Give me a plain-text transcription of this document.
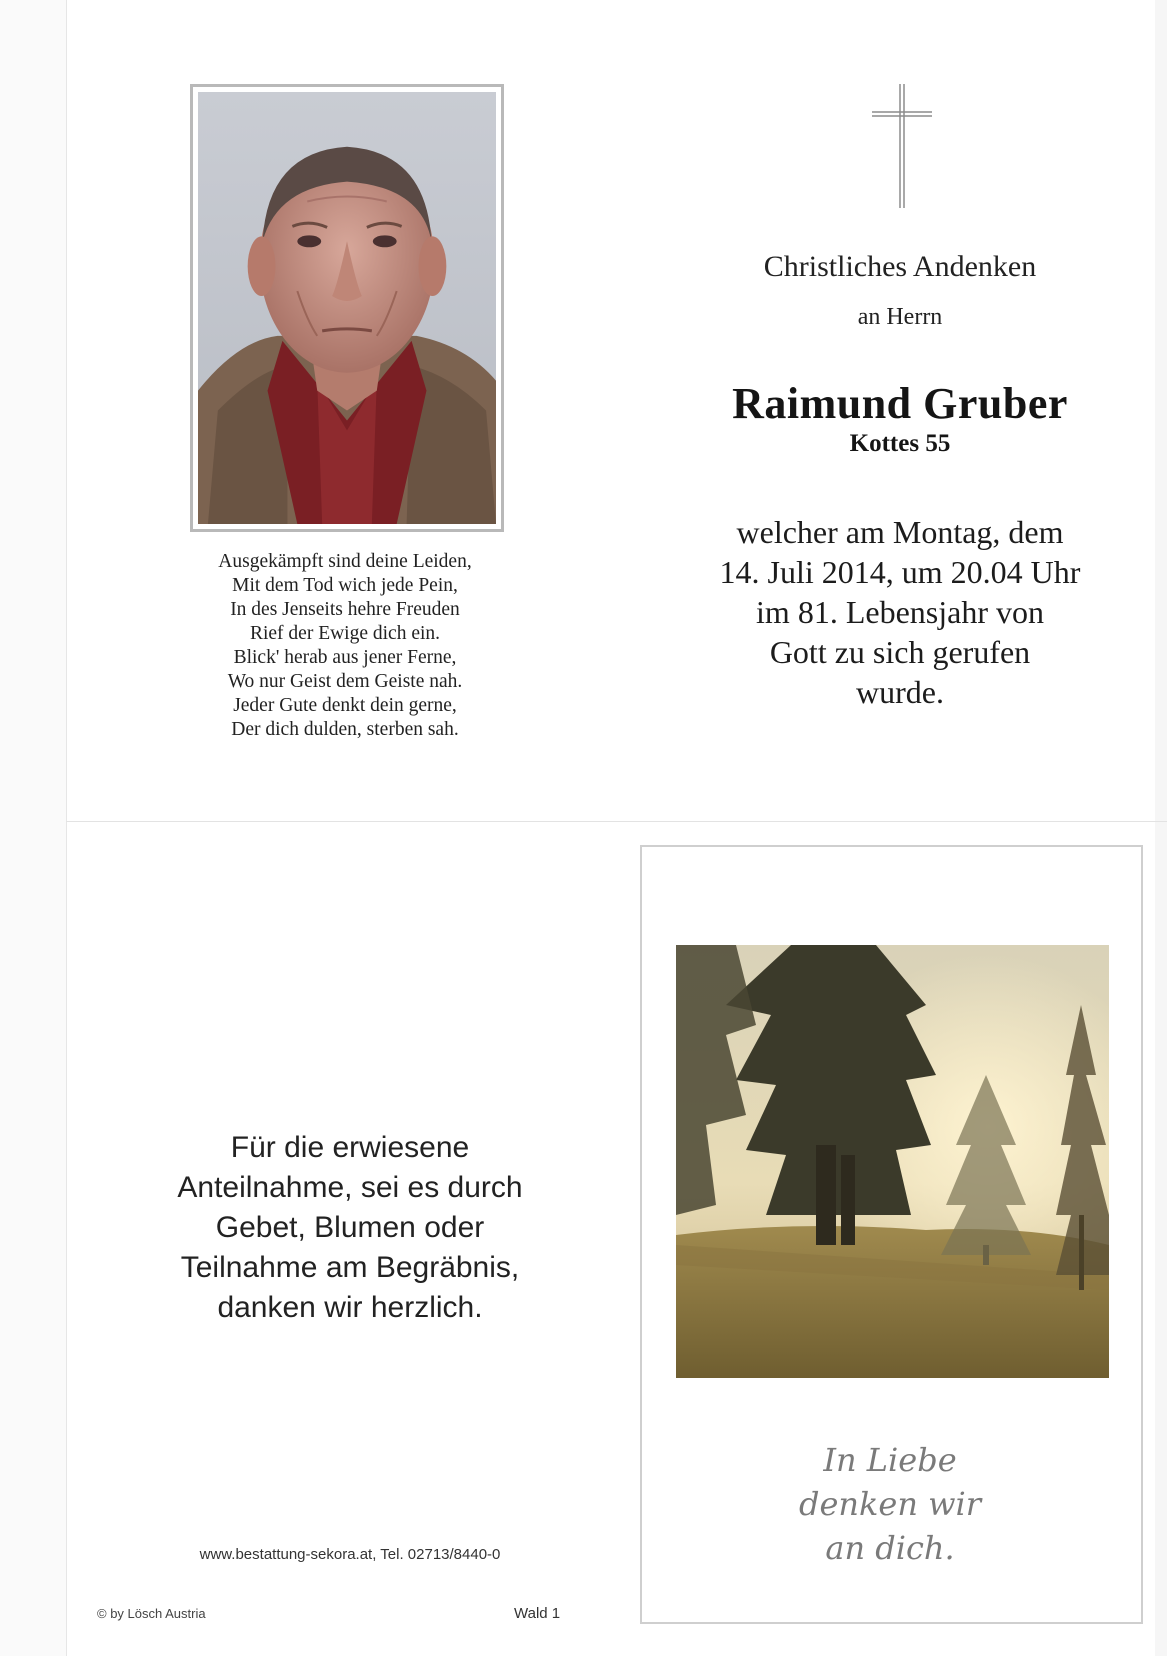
Ausgekämpft sind deine Leiden,
Mit dem Tod wich jede Pein,
In des Jenseits hehre Freuden
Rief der Ewige dich ein.
Blick' herab aus jener Ferne,
Wo nur Geist dem Geiste nah.
Jeder Gute denkt dein gerne,
Der dich dulden, sterben sah.
Christliches Andenken
an Herrn
Raimund Gruber
Kottes 55
welcher am Montag, dem
14. Juli 2014, um 20.04 Uhr
im 81. Lebensjahr von
Gott zu sich gerufen
wurde.
Für die erwiesene
Anteilnahme, sei es durch
Gebet, Blumen oder
Teilnahme am Begräbnis,
danken wir herzlich.
www.bestattung-sekora.at, Tel. 02713/8440-0
© by Lösch Austria	Wald 1
In Liebe
denken wir
an dich.
